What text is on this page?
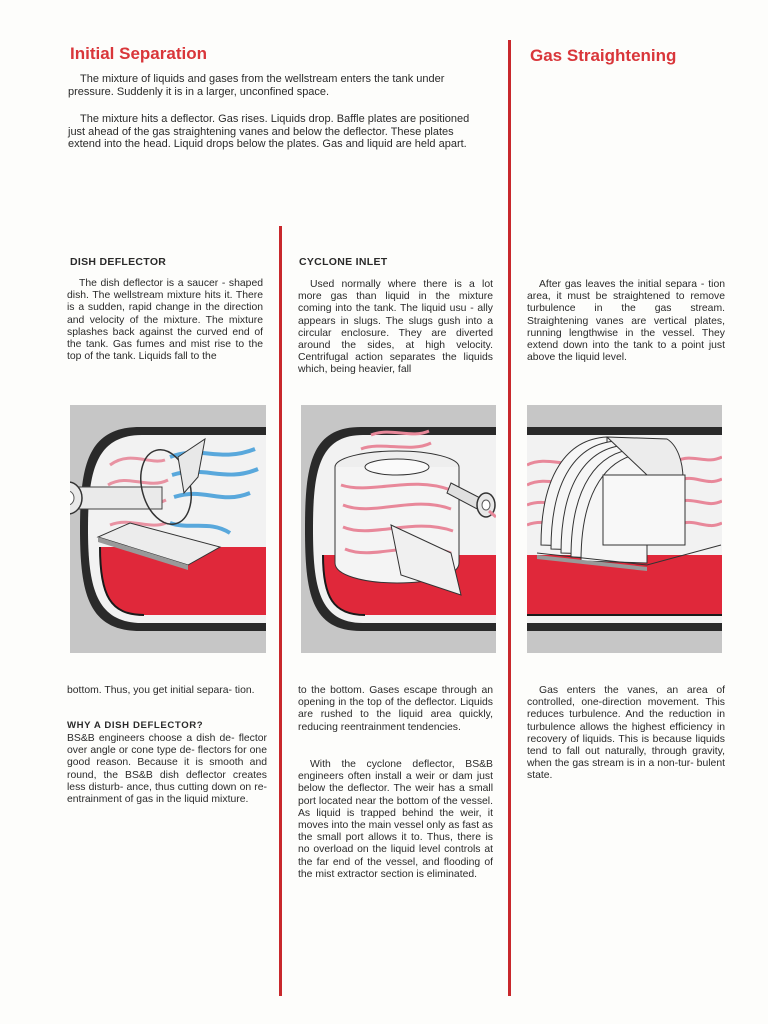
Initial Separation

The mixture of liquids and gases from the wellstream enters the tank under pressure. Suddenly it is in a larger, unconfined space.

The mixture hits a deflector. Gas rises. Liquids drop. Baffle plates are positioned just ahead of the gas straightening vanes and below the deflector. These plates extend into the head. Liquid drops below the plates. Gas and liquid are held apart.

Gas Straightening

After gas leaves the initial separa - tion area, it must be straightened to remove turbulence in the gas stream. Straightening vanes are vertical plates, running lengthwise in the vessel. They extend down into the tank to a point just above the liquid level.

Gas enters the vanes, an area of controlled, one-direction movement. This reduces turbulence. And the reduction in turbulence allows the highest efficiency in recovery of liquids. This is because liquids tend to fall out naturally, through gravity, when the gas stream is in a non-tur- bulent state.

DISH DEFLECTOR

The dish deflector is a saucer - shaped dish. The wellstream mixture hits it. There is a sudden, rapid change in the direction and velocity of the mixture. The mixture splashes back against the curved end of the tank. Gas fumes and mist rise to the top of the tank. Liquids fall to the

bottom. Thus, you get initial separa- tion.

WHY A DISH DEFLECTOR?

BS&B engineers choose a dish de- flector over angle or cone type de- flectors for one good reason. Because it is smooth and round, the BS&B dish deflector creates less disturb- ance, thus cutting down on re- entrainment of gas in the liquid mixture.

CYCLONE INLET

Used normally where there is a lot more gas than liquid in the mixture coming into the tank. The liquid usu - ally appears in slugs. The slugs gush into a circular enclosure. They are diverted around the sides, at high velocity. Centrifugal action separates the liquids which, being heavier, fall

to the bottom. Gases escape through an opening in the top of the deflector. Liquids are rushed to the liquid area quickly, reducing reentrainment tendencies.

With the cyclone deflector, BS&B engineers often install a weir or dam just below the deflector. The weir has a small port located near the bottom of the vessel. As liquid is trapped behind the weir, it moves into the main vessel only as fast as the small port allows it to. Thus, there is no overload on the liquid level controls at the far end of the vessel, and flooding of the mist extractor section is eliminated.
